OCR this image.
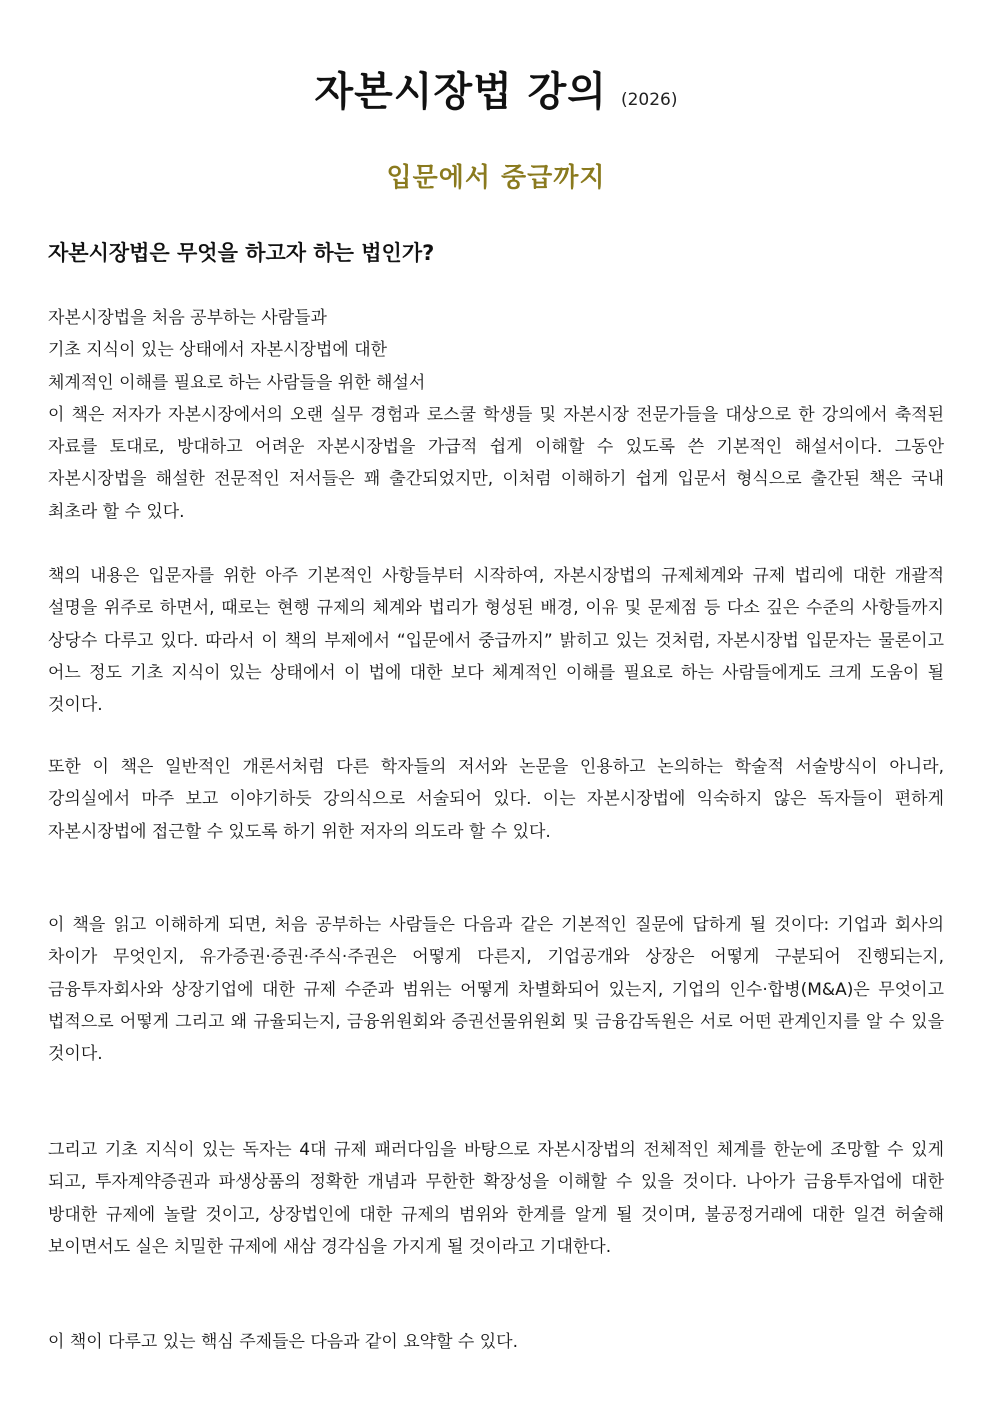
자본시장법 강의 (2026)
입문에서 중급까지
자본시장법은 무엇을 하고자 하는 법인가?
자본시장법을 처음 공부하는 사람들과
기초 지식이 있는 상태에서 자본시장법에 대한
체계적인 이해를 필요로 하는 사람들을 위한 해설서

이 책은 저자가 자본시장에서의 오랜 실무 경험과 로스쿨 학생들 및 자본시장 전문가들을 대상으로 한 강의에서 축적된 자료를 토대로, 방대하고 어려운 자본시장법을 가급적 쉽게 이해할 수 있도록 쓴 기본적인 해설서이다. 그동안 자본시장법을 해설한 전문적인 저서들은 꽤 출간되었지만, 이처럼 이해하기 쉽게 입문서 형식으로 출간된 책은 국내 최초라 할 수 있다.

책의 내용은 입문자를 위한 아주 기본적인 사항들부터 시작하여, 자본시장법의 규제체계와 규제 법리에 대한 개괄적 설명을 위주로 하면서, 때로는 현행 규제의 체계와 법리가 형성된 배경, 이유 및 문제점 등 다소 깊은 수준의 사항들까지 상당수 다루고 있다. 따라서 이 책의 부제에서 “입문에서 중급까지” 밝히고 있는 것처럼, 자본시장법 입문자는 물론이고 어느 정도 기초 지식이 있는 상태에서 이 법에 대한 보다 체계적인 이해를 필요로 하는 사람들에게도 크게 도움이 될 것이다.

또한 이 책은 일반적인 개론서처럼 다른 학자들의 저서와 논문을 인용하고 논의하는 학술적 서술방식이 아니라, 강의실에서 마주 보고 이야기하듯 강의식으로 서술되어 있다. 이는 자본시장법에 익숙하지 않은 독자들이 편하게 자본시장법에 접근할 수 있도록 하기 위한 저자의 의도라 할 수 있다.

이 책을 읽고 이해하게 되면, 처음 공부하는 사람들은 다음과 같은 기본적인 질문에 답하게 될 것이다: 기업과 회사의 차이가 무엇인지, 유가증권·증권·주식·주권은 어떻게 다른지, 기업공개와 상장은 어떻게 구분되어 진행되는지, 금융투자회사와 상장기업에 대한 규제 수준과 범위는 어떻게 차별화되어 있는지, 기업의 인수·합병(M&A)은 무엇이고 법적으로 어떻게 그리고 왜 규율되는지, 금융위원회와 증권선물위원회 및 금융감독원은 서로 어떤 관계인지를 알 수 있을 것이다.

그리고 기초 지식이 있는 독자는 4대 규제 패러다임을 바탕으로 자본시장법의 전체적인 체계를 한눈에 조망할 수 있게 되고, 투자계약증권과 파생상품의 정확한 개념과 무한한 확장성을 이해할 수 있을 것이다. 나아가 금융투자업에 대한 방대한 규제에 놀랄 것이고, 상장법인에 대한 규제의 범위와 한계를 알게 될 것이며, 불공정거래에 대한 일견 허술해 보이면서도 실은 치밀한 규제에 새삼 경각심을 가지게 될 것이라고 기대한다.

이 책이 다루고 있는 핵심 주제들은 다음과 같이 요약할 수 있다.
